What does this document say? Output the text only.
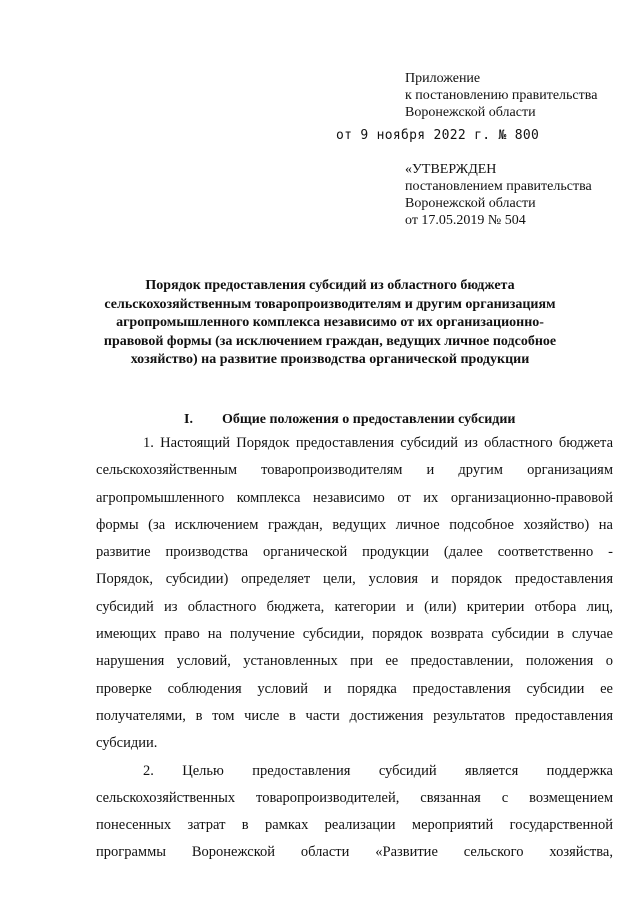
Приложение
к постановлению правительства
Воронежской области
от 9 ноября 2022 г. № 800
«УТВЕРЖДЕН
постановлением правительства
Воронежской области
от 17.05.2019 № 504
Порядок предоставления субсидий из областного бюджета
сельскохозяйственным товаропроизводителям и другим организациям
агропромышленного комплекса независимо от их организационно-
правовой формы (за исключением граждан, ведущих личное подсобное
хозяйство) на развитие производства органической продукции
I. Общие положения о предоставлении субсидии
1. Настоящий Порядок предоставления субсидий из областного бюджета
сельскохозяйственным товаропроизводителям и другим организациям
агропромышленного комплекса независимо от их организационно-правовой
формы (за исключением граждан, ведущих личное подсобное хозяйство) на
развитие производства органической продукции (далее соответственно -
Порядок, субсидии) определяет цели, условия и порядок предоставления
субсидий из областного бюджета, категории и (или) критерии отбора лиц,
имеющих право на получение субсидии, порядок возврата субсидии в случае
нарушения условий, установленных при ее предоставлении, положения о
проверке соблюдения условий и порядка предоставления субсидии ее
получателями, в том числе в части достижения результатов предоставления
субсидии.
2. Целью предоставления субсидий является поддержка
сельскохозяйственных товаропроизводителей, связанная с возмещением
понесенных затрат в рамках реализации мероприятий государственной
программы Воронежской области «Развитие сельского хозяйства,
